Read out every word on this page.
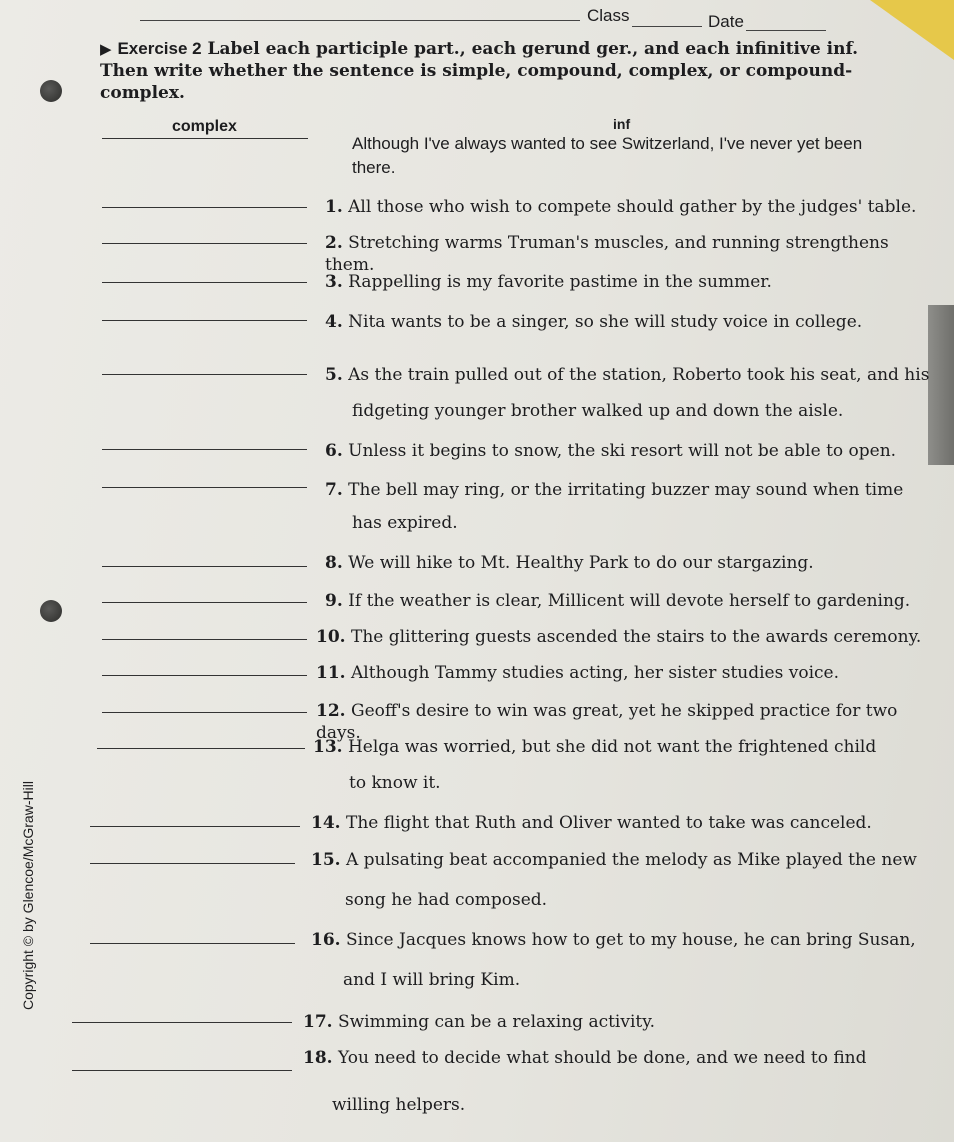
Class	Date
▶ Exercise 2 Label each participle part., each gerund ger., and each infinitive inf. Then write whether the sentence is simple, compound, complex, or compound-complex.
complex	inf
Although I've always wanted to see Switzerland, I've never yet been there.
1. All those who wish to compete should gather by the judges' table.
2. Stretching warms Truman's muscles, and running strengthens them.
3. Rappelling is my favorite pastime in the summer.
4. Nita wants to be a singer, so she will study voice in college.
5. As the train pulled out of the station, Roberto took his seat, and his
fidgeting younger brother walked up and down the aisle.
6. Unless it begins to snow, the ski resort will not be able to open.
7. The bell may ring, or the irritating buzzer may sound when time
has expired.
8. We will hike to Mt. Healthy Park to do our stargazing.
9. If the weather is clear, Millicent will devote herself to gardening.
10. The glittering guests ascended the stairs to the awards ceremony.
11. Although Tammy studies acting, her sister studies voice.
12. Geoff's desire to win was great, yet he skipped practice for two days.
13. Helga was worried, but she did not want the frightened child
to know it.
14. The flight that Ruth and Oliver wanted to take was canceled.
15. A pulsating beat accompanied the melody as Mike played the new
song he had composed.
16. Since Jacques knows how to get to my house, he can bring Susan,
and I will bring Kim.
17. Swimming can be a relaxing activity.
18. You need to decide what should be done, and we need to find
willing helpers.
Copyright © by Glencoe/McGraw-Hill
